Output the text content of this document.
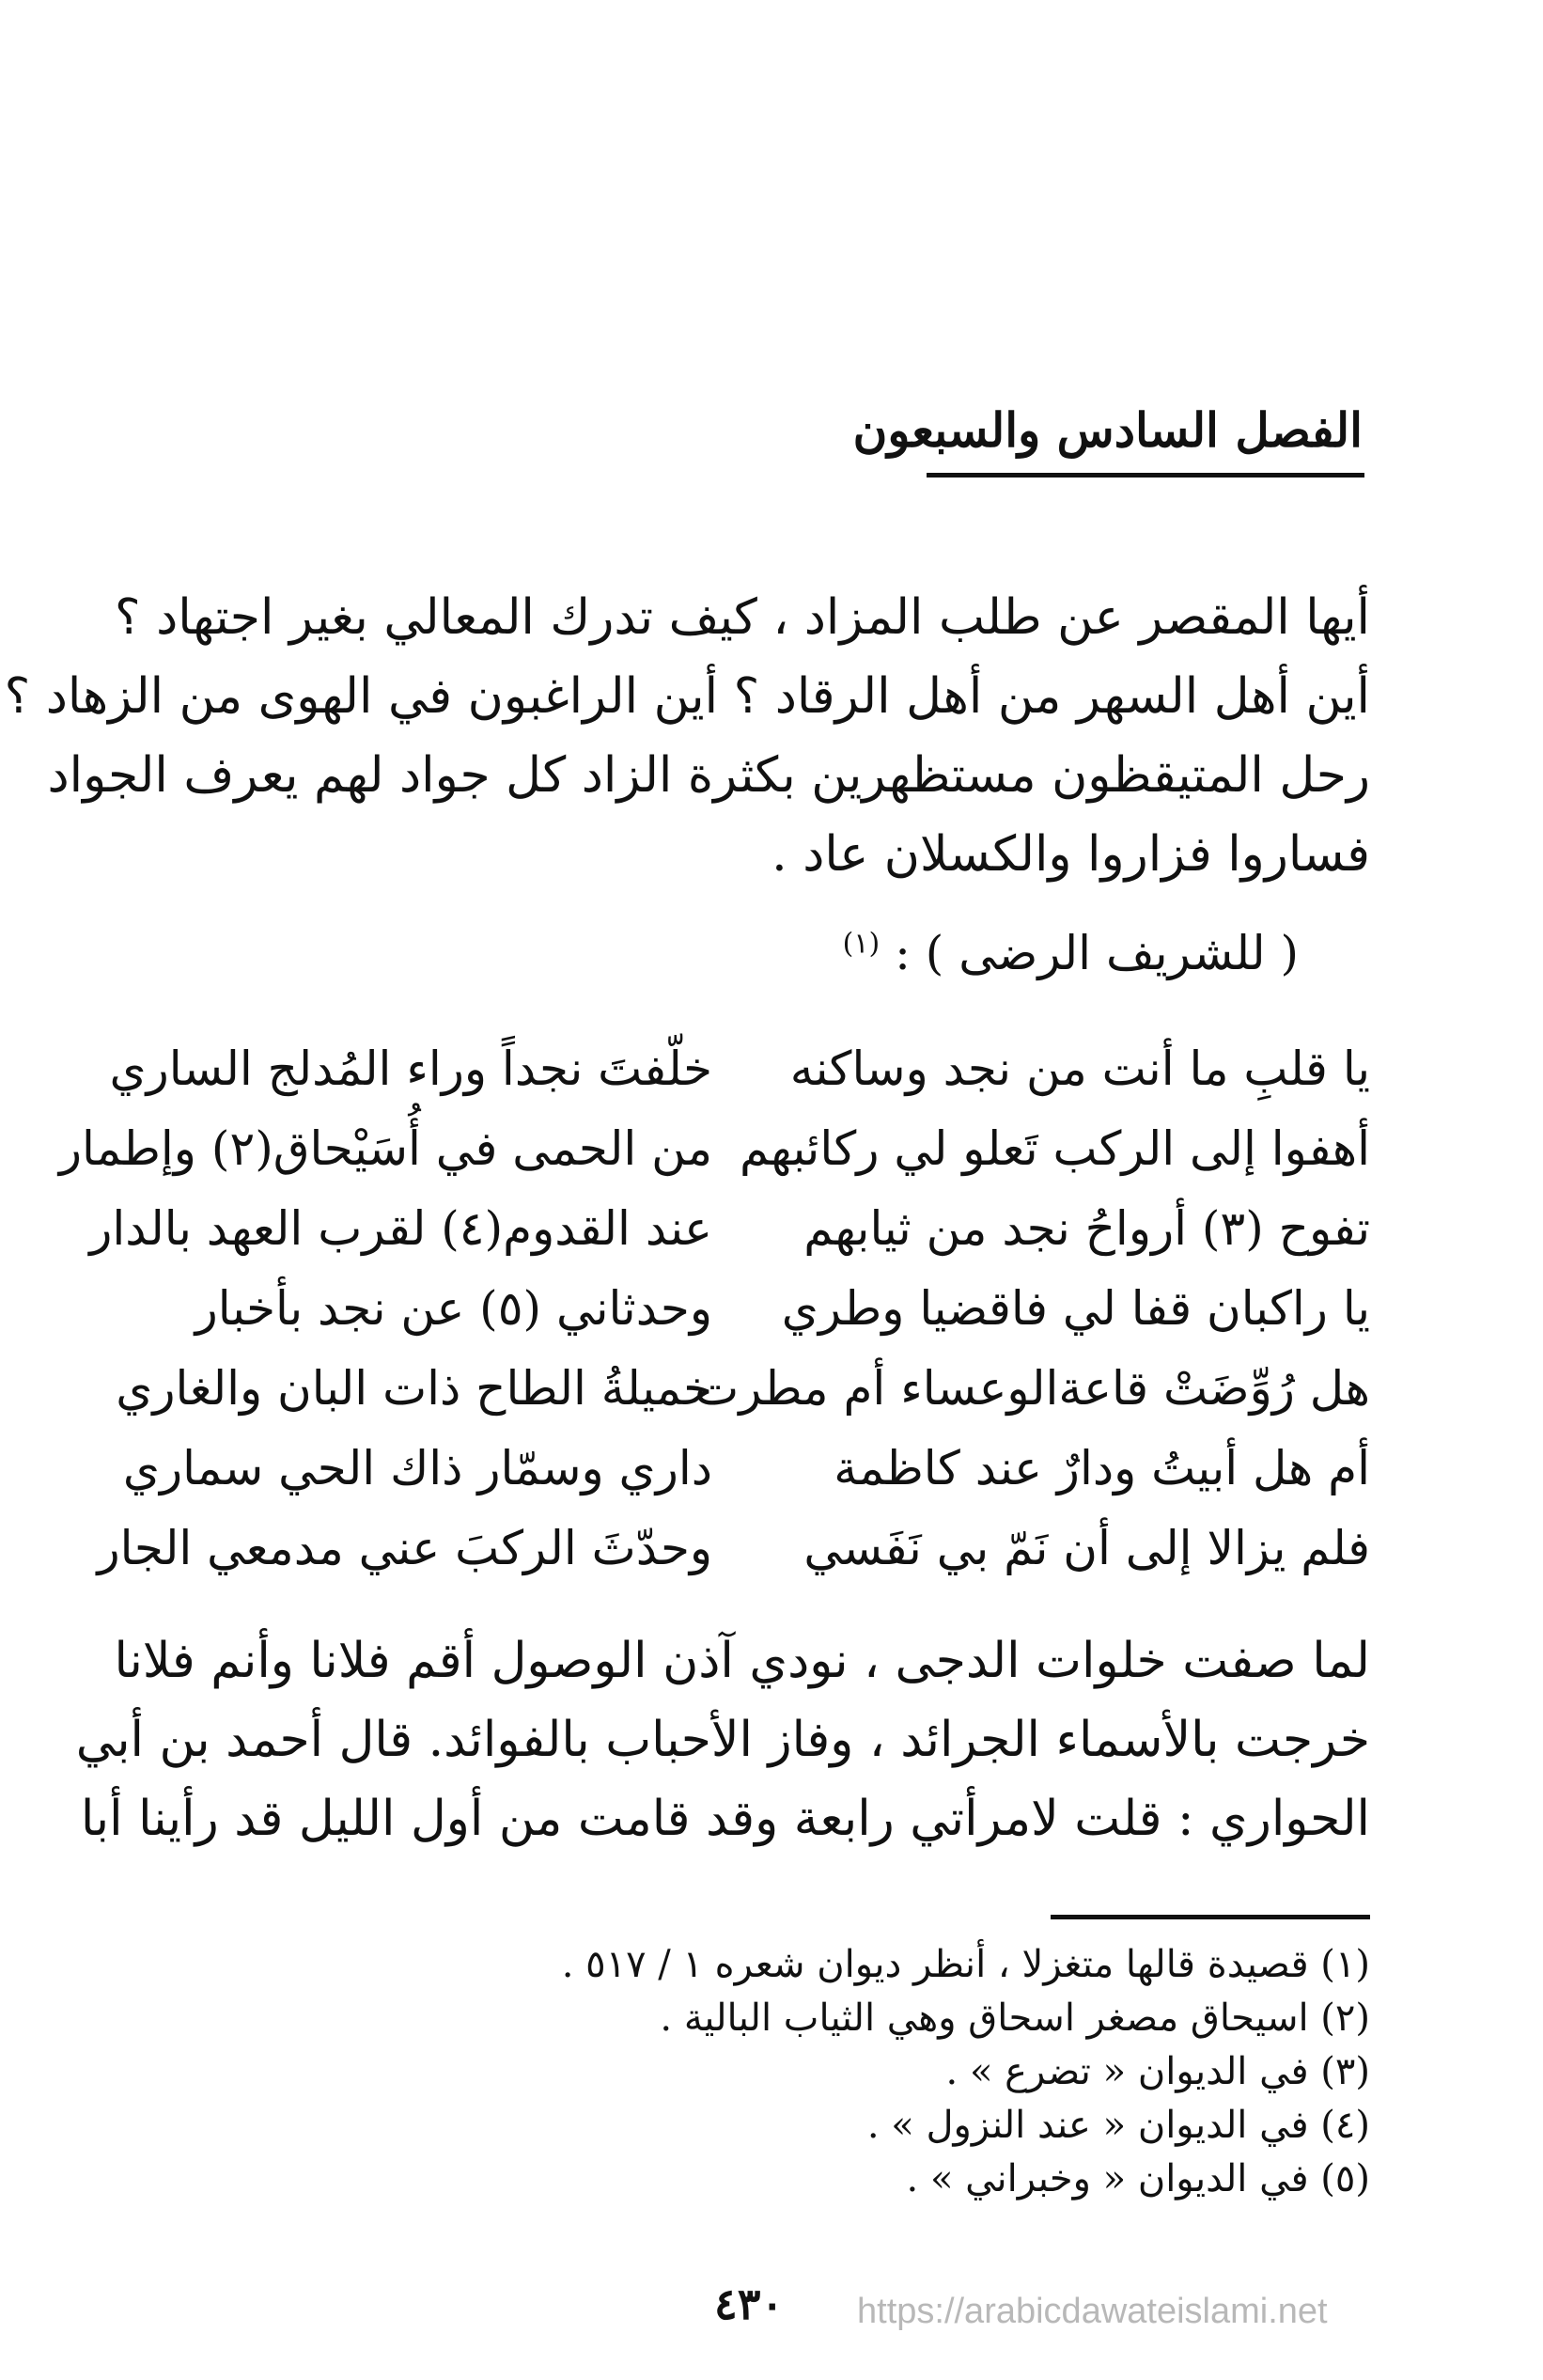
الفصل السادس والسبعون
أيها المقصر عن طلب المزاد ، كيف تدرك المعالي بغير اجتهاد ؟
أين أهل السهر من أهل الرقاد ؟ أين الراغبون في الهوى من الزهاد ؟
رحل المتيقظون مستظهرين بكثرة الزاد كل جواد لهم يعرف الجواد
فساروا فزاروا والكسلان عاد .
( للشريف الرضى ) : $^{(١)}$
يا قلبِ ما أنت من نجد وساكنه
خلّفتَ نجداً وراء المُدلج الساري
أهفوا إلى الركب تَعلو لي ركائبهم
من الحمى في أُسَيْحاق(٢) وإطمار
تفوح (٣) أرواحُ نجد من ثيابهم
عند القدوم(٤) لقرب العهد بالدار
يا راكبان قفا لي فاقضيا وطري
وحدثاني (٥) عن نجد بأخبار
هل رُوِّضَتْ قاعةالوعساء أم مطرت
خميلةُ الطاح ذات البان والغاري
أم هل أبيتُ ودارٌ عند كاظمة
داري وسمّار ذاك الحي سماري
فلم يزالا إلى أن نَمّ بي نَفَسي
وحدّثَ الركبَ عني مدمعي الجار
لما صفت خلوات الدجى ، نودي آذن الوصول أقم فلانا وأنم فلانا
خرجت بالأسماء الجرائد ، وفاز الأحباب بالفوائد. قال أحمد بن أبي
الحواري : قلت لامرأتي رابعة وقد قامت من أول الليل قد رأينا أبا
(١) قصيدة قالها متغزلا ، أنظر ديوان شعره ١ / ٥١٧ .
(٢) اسيحاق مصغر اسحاق وهي الثياب البالية .
(٣) في الديوان « تضرع » .
(٤) في الديوان « عند النزول » .
(٥) في الديوان « وخبراني » .
٤٣٠ https://arabicdawateislami.net
